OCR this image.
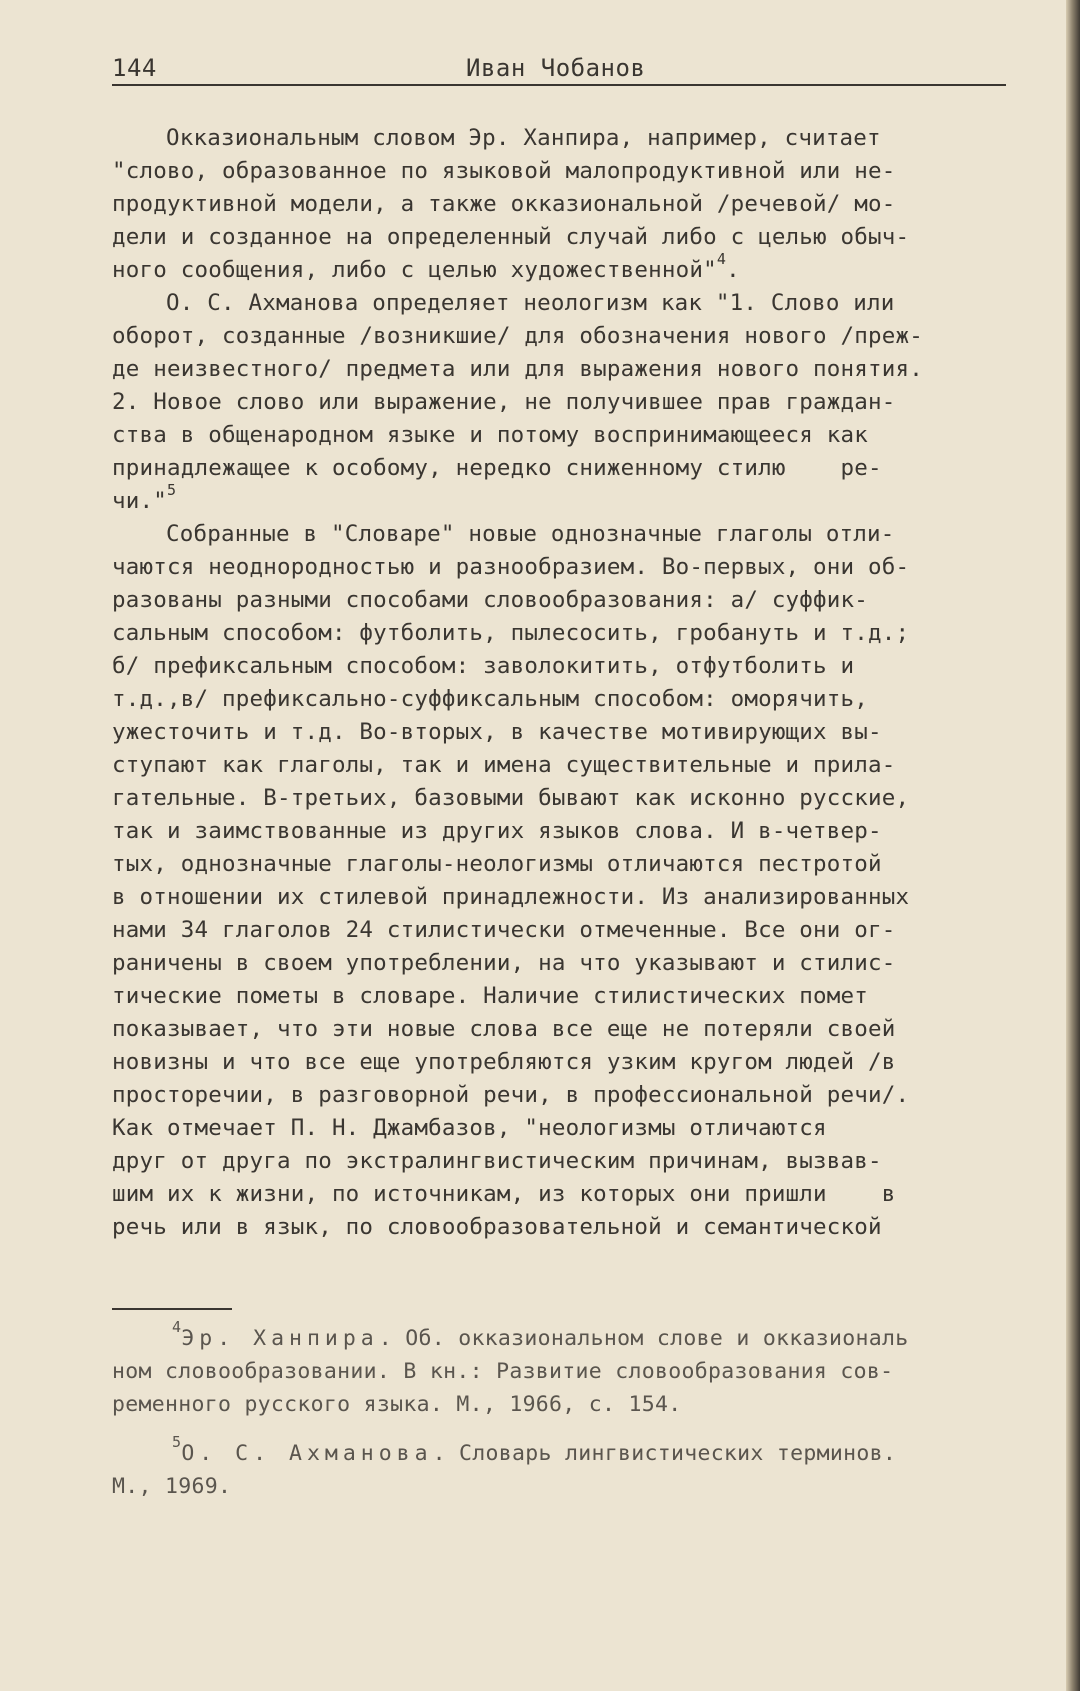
144	Иван Чобанов
Окказиональным словом Эр. Ханпира, например, считает
"слово, образованное по языковой малопродуктивной или не-
продуктивной модели, а также окказиональной /речевой/ мо-
дели и созданное на определенный случай либо с целью обыч-
ного сообщения, либо с целью художественной"$^4$.
О. С. Ахманова определяет неологизм как "1. Слово или
оборот, созданные /возникшие/ для обозначения нового /преж-
де неизвестного/ предмета или для выражения нового понятия.
2. Новое слово или выражение, не получившее прав граждан-
ства в общенародном языке и потому воспринимающееся как
принадлежащее к особому, нередко сниженному стилю    ре-
чи."$^5$
Собранные в "Словаре" новые однозначные глаголы отли-
чаются неоднородностью и разнообразием. Во-первых, они об-
разованы разными способами словообразования: а/ суффик-
сальным способом: футболить, пылесосить, гробануть и т.д.;
б/ префиксальным способом: заволокитить, отфутболить и
т.д.,в/ префиксально-суффиксальным способом: оморячить,
ужесточить и т.д. Во-вторых, в качестве мотивирующих вы-
ступают как глаголы, так и имена существительные и прила-
гательные. В-третьих, базовыми бывают как исконно русские,
так и заимствованные из других языков слова. И в-четвер-
тых, однозначные глаголы-неологизмы отличаются пестротой
в отношении их стилевой принадлежности. Из анализированных
нами 34 глаголов 24 стилистически отмеченные. Все они ог-
раничены в своем употреблении, на что указывают и стилис-
тические пометы в словаре. Наличие стилистических помет
показывает, что эти новые слова все еще не потеряли своей
новизны и что все еще употребляются узким кругом людей /в
просторечии, в разговорной речи, в профессиональной речи/.
Как отмечает П. Н. Джамбазов, "неологизмы отличаются
друг от друга по экстралингвистическим причинам, вызвав-
шим их к жизни, по источникам, из которых они пришли    в
речь или в язык, по словообразовательной и семантической
$^4$Эр. Ханпира. Об. окказиональном слове и окказиональ
ном словообразовании. В кн.: Развитие словообразования сов-
ременного русского языка. М., 1966, с. 154.
$^5$О. С. Ахманова. Словарь лингвистических терминов.
М., 1969.
